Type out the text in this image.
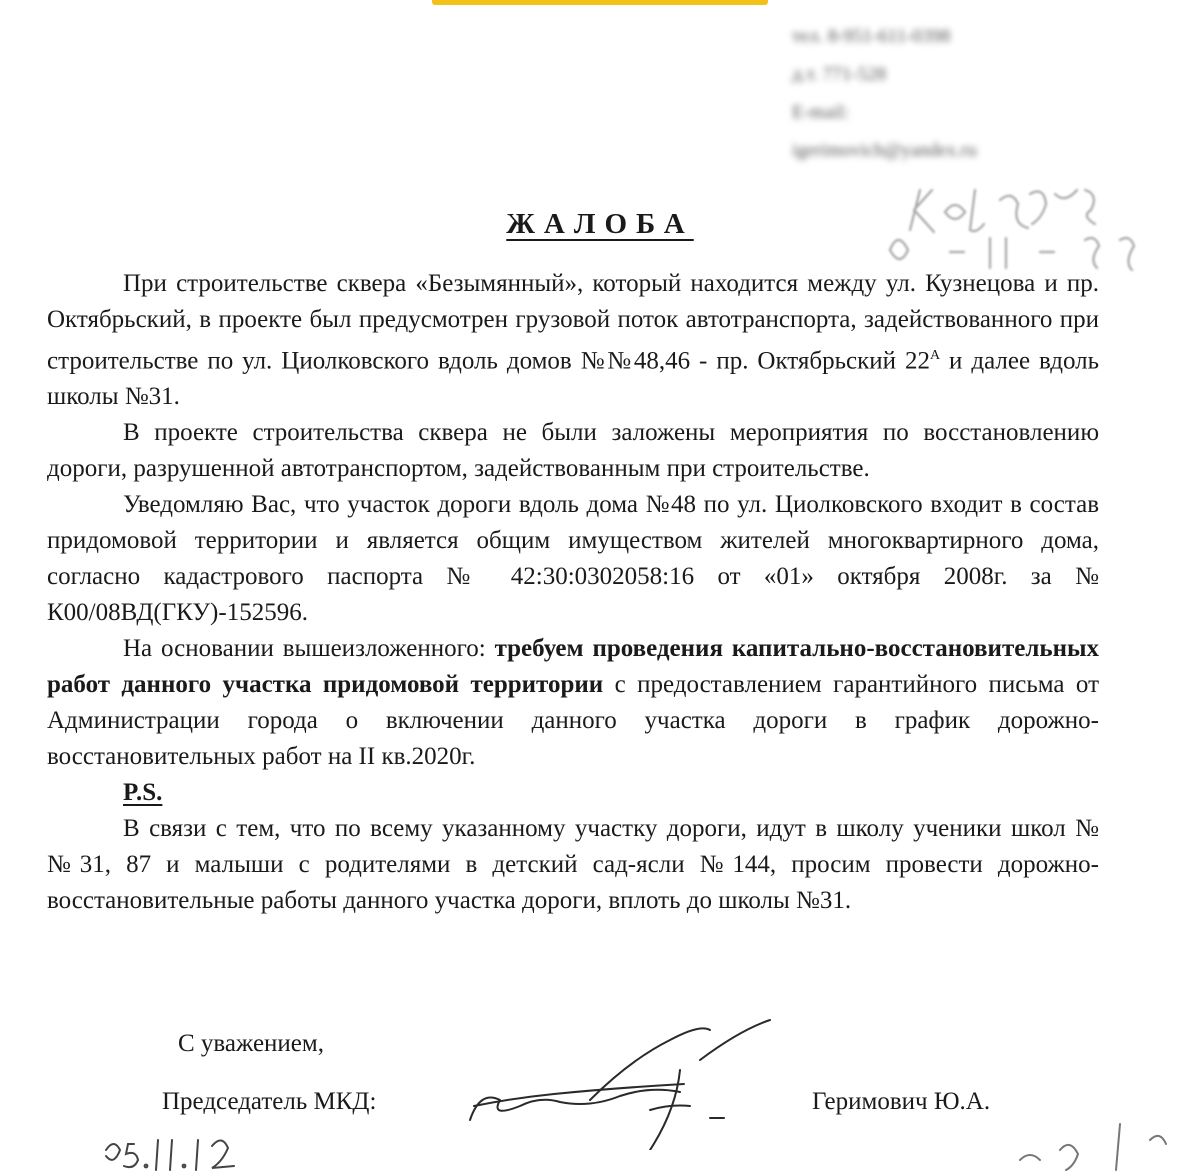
тел. 8-951-611-0398
д.т. 771-528
E-mail:
igerimovich@yandex.ru
ЖАЛОБА

При строительстве сквера «Безымянный», который находится между ул. Кузнецова и пр. Октябрьский, в проекте был предусмотрен грузовой поток автотранспорта, задействованного при строительстве по ул. Циолковского вдоль домов №№48,46 - пр. Октябрьский $22^А$ и далее вдоль школы №31.

В проекте строительства сквера не были заложены мероприятия по восстановлению дороги, разрушенной автотранспортом, задействованным при строительстве.

Уведомляю Вас, что участок дороги вдоль дома №48 по ул. Циолковского входит в состав придомовой территории и является общим имуществом жителей многоквартирного дома, согласно кадастрового паспорта № 42:30:0302058:16 от «01» октября 2008г. за № К00/08ВД(ГКУ)-152596.

На основании вышеизложенного: требуем проведения капитально-восстановительных работ данного участка придомовой территории с предоставлением гарантийного письма от Администрации города о включении данного участка дороги в график дорожно-восстановительных работ на II кв.2020г.

P.S.

В связи с тем, что по всему указанному участку дороги, идут в школу ученики школ №№31, 87 и малыши с родителями в детский сад-ясли №144, просим провести дорожно-восстановительные работы данного участка дороги, вплоть до школы №31.

С уважением,
Председатель МКД:	Геримович Ю.А.
